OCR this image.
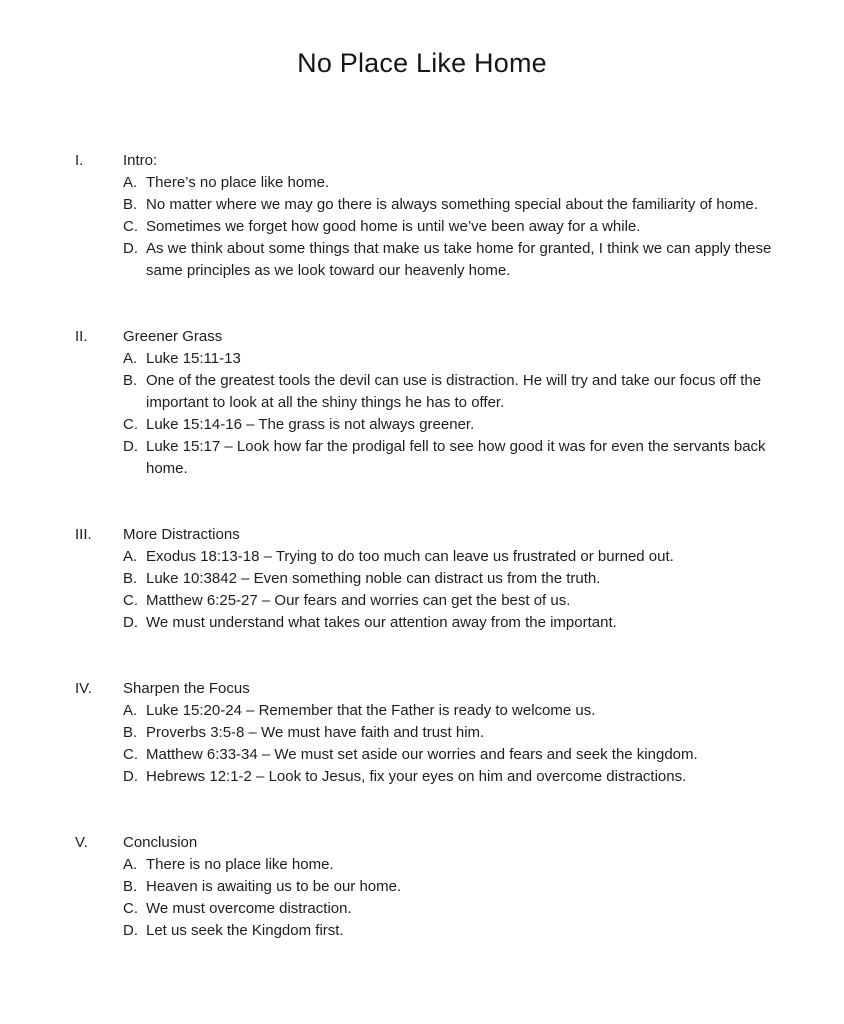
No Place Like Home
I.	Intro:
A. There’s no place like home.
B. No matter where we may go there is always something special about the familiarity of home.
C. Sometimes we forget how good home is until we’ve been away for a while.
D. As we think about some things that make us take home for granted, I think we can apply these same principles as we look toward our heavenly home.
II.	Greener Grass
A. Luke 15:11-13
B. One of the greatest tools the devil can use is distraction. He will try and take our focus off the important to look at all the shiny things he has to offer.
C. Luke 15:14-16 – The grass is not always greener.
D. Luke 15:17 – Look how far the prodigal fell to see how good it was for even the servants back home.
III.	More Distractions
A. Exodus 18:13-18 – Trying to do too much can leave us frustrated or burned out.
B. Luke 10:3842 – Even something noble can distract us from the truth.
C. Matthew 6:25-27 – Our fears and worries can get the best of us.
D. We must understand what takes our attention away from the important.
IV.	Sharpen the Focus
A. Luke 15:20-24 – Remember that the Father is ready to welcome us.
B. Proverbs 3:5-8 – We must have faith and trust him.
C. Matthew 6:33-34 – We must set aside our worries and fears and seek the kingdom.
D. Hebrews 12:1-2 – Look to Jesus, fix your eyes on him and overcome distractions.
V.	Conclusion
A. There is no place like home.
B. Heaven is awaiting us to be our home.
C. We must overcome distraction.
D. Let us seek the Kingdom first.
